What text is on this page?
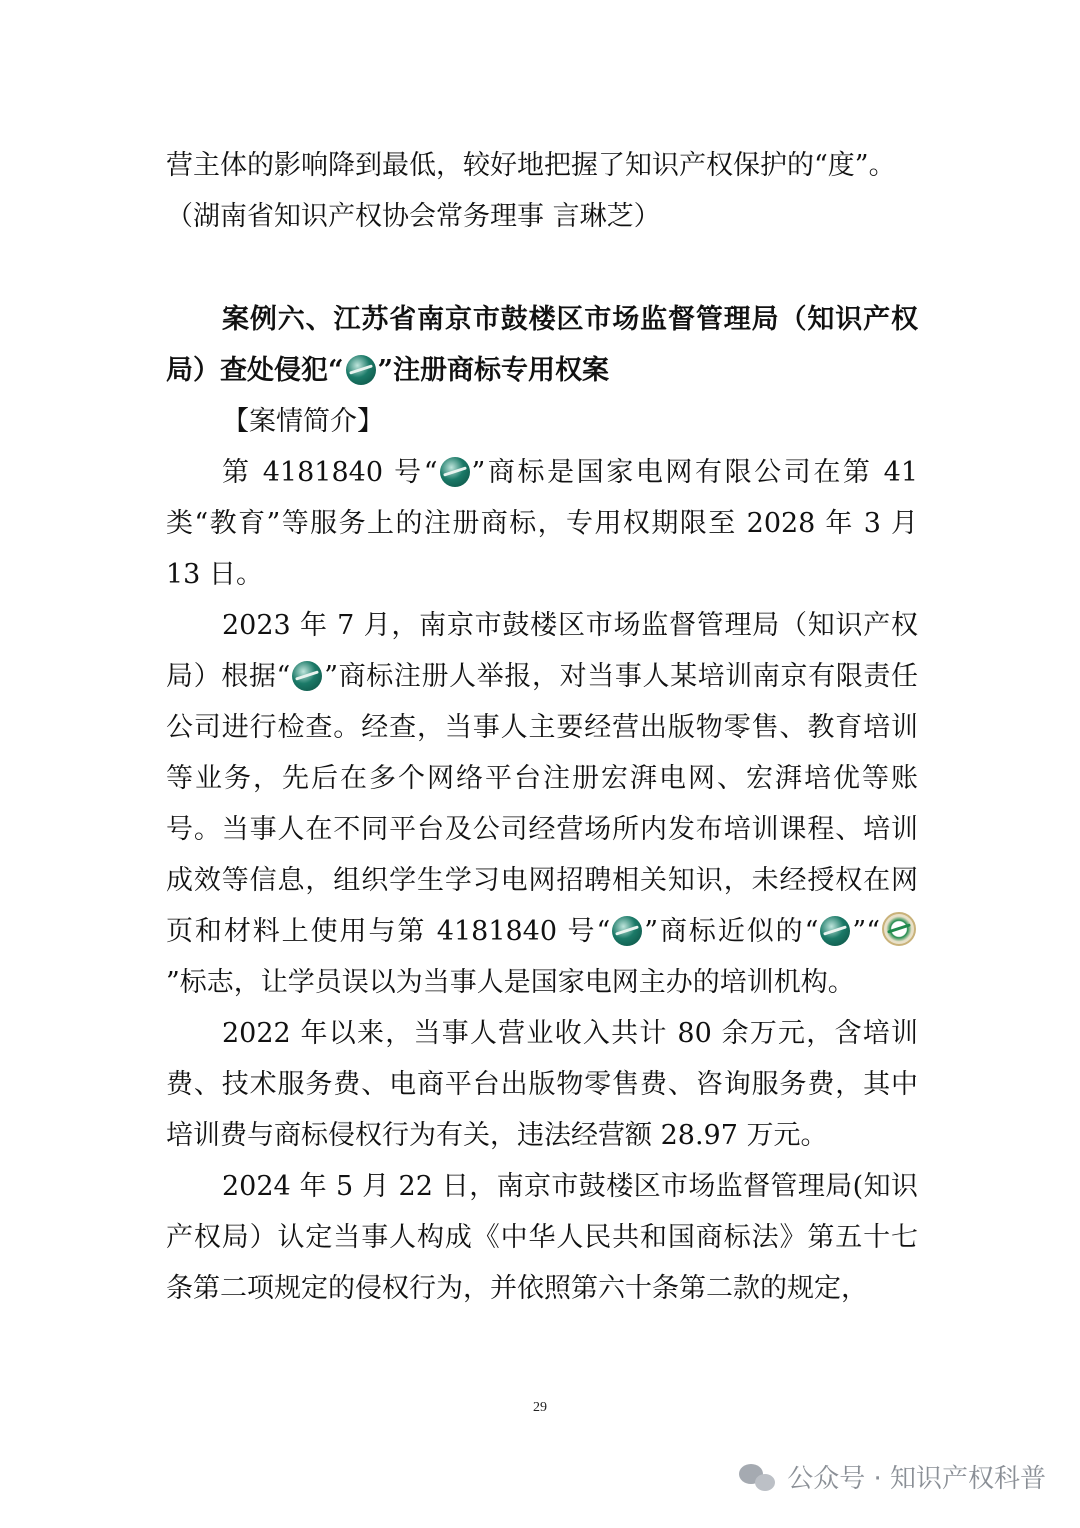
营主体的影响降到最低，较好地把握了知识产权保护的“度”。

（湖南省知识产权协会常务理事 言琳芝）

案例六、江苏省南京市鼓楼区市场监督管理局（知识产权局）查处侵犯“ ”注册商标专用权案

【案情简介】

第 4181840 号“ ”商标是国家电网有限公司在第 41 类“教育”等服务上的注册商标，专用权期限至 2028 年 3 月 13 日。

2023 年 7 月，南京市鼓楼区市场监督管理局（知识产权局）根据“ ”商标注册人举报，对当事人某培训南京有限责任公司进行检查。经查，当事人主要经营出版物零售、教育培训等业务，先后在多个网络平台注册宏湃电网、宏湃培优等账号。当事人在不同平台及公司经营场所内发布培训课程、培训成效等信息，组织学生学习电网招聘相关知识，未经授权在网页和材料上使用与第 4181840 号“ ”商标近似的“ ”“”标志，让学员误以为当事人是国家电网主办的培训机构。

2022 年以来，当事人营业收入共计 80 余万元，含培训费、技术服务费、电商平台出版物零售费、咨询服务费，其中培训费与商标侵权行为有关，违法经营额 28.97 万元。

2024 年 5 月 22 日，南京市鼓楼区市场监督管理局(知识产权局）认定当事人构成《中华人民共和国商标法》第五十七条第二项规定的侵权行为，并依照第六十条第二款的规定，

29
公众号 · 知识产权科普
